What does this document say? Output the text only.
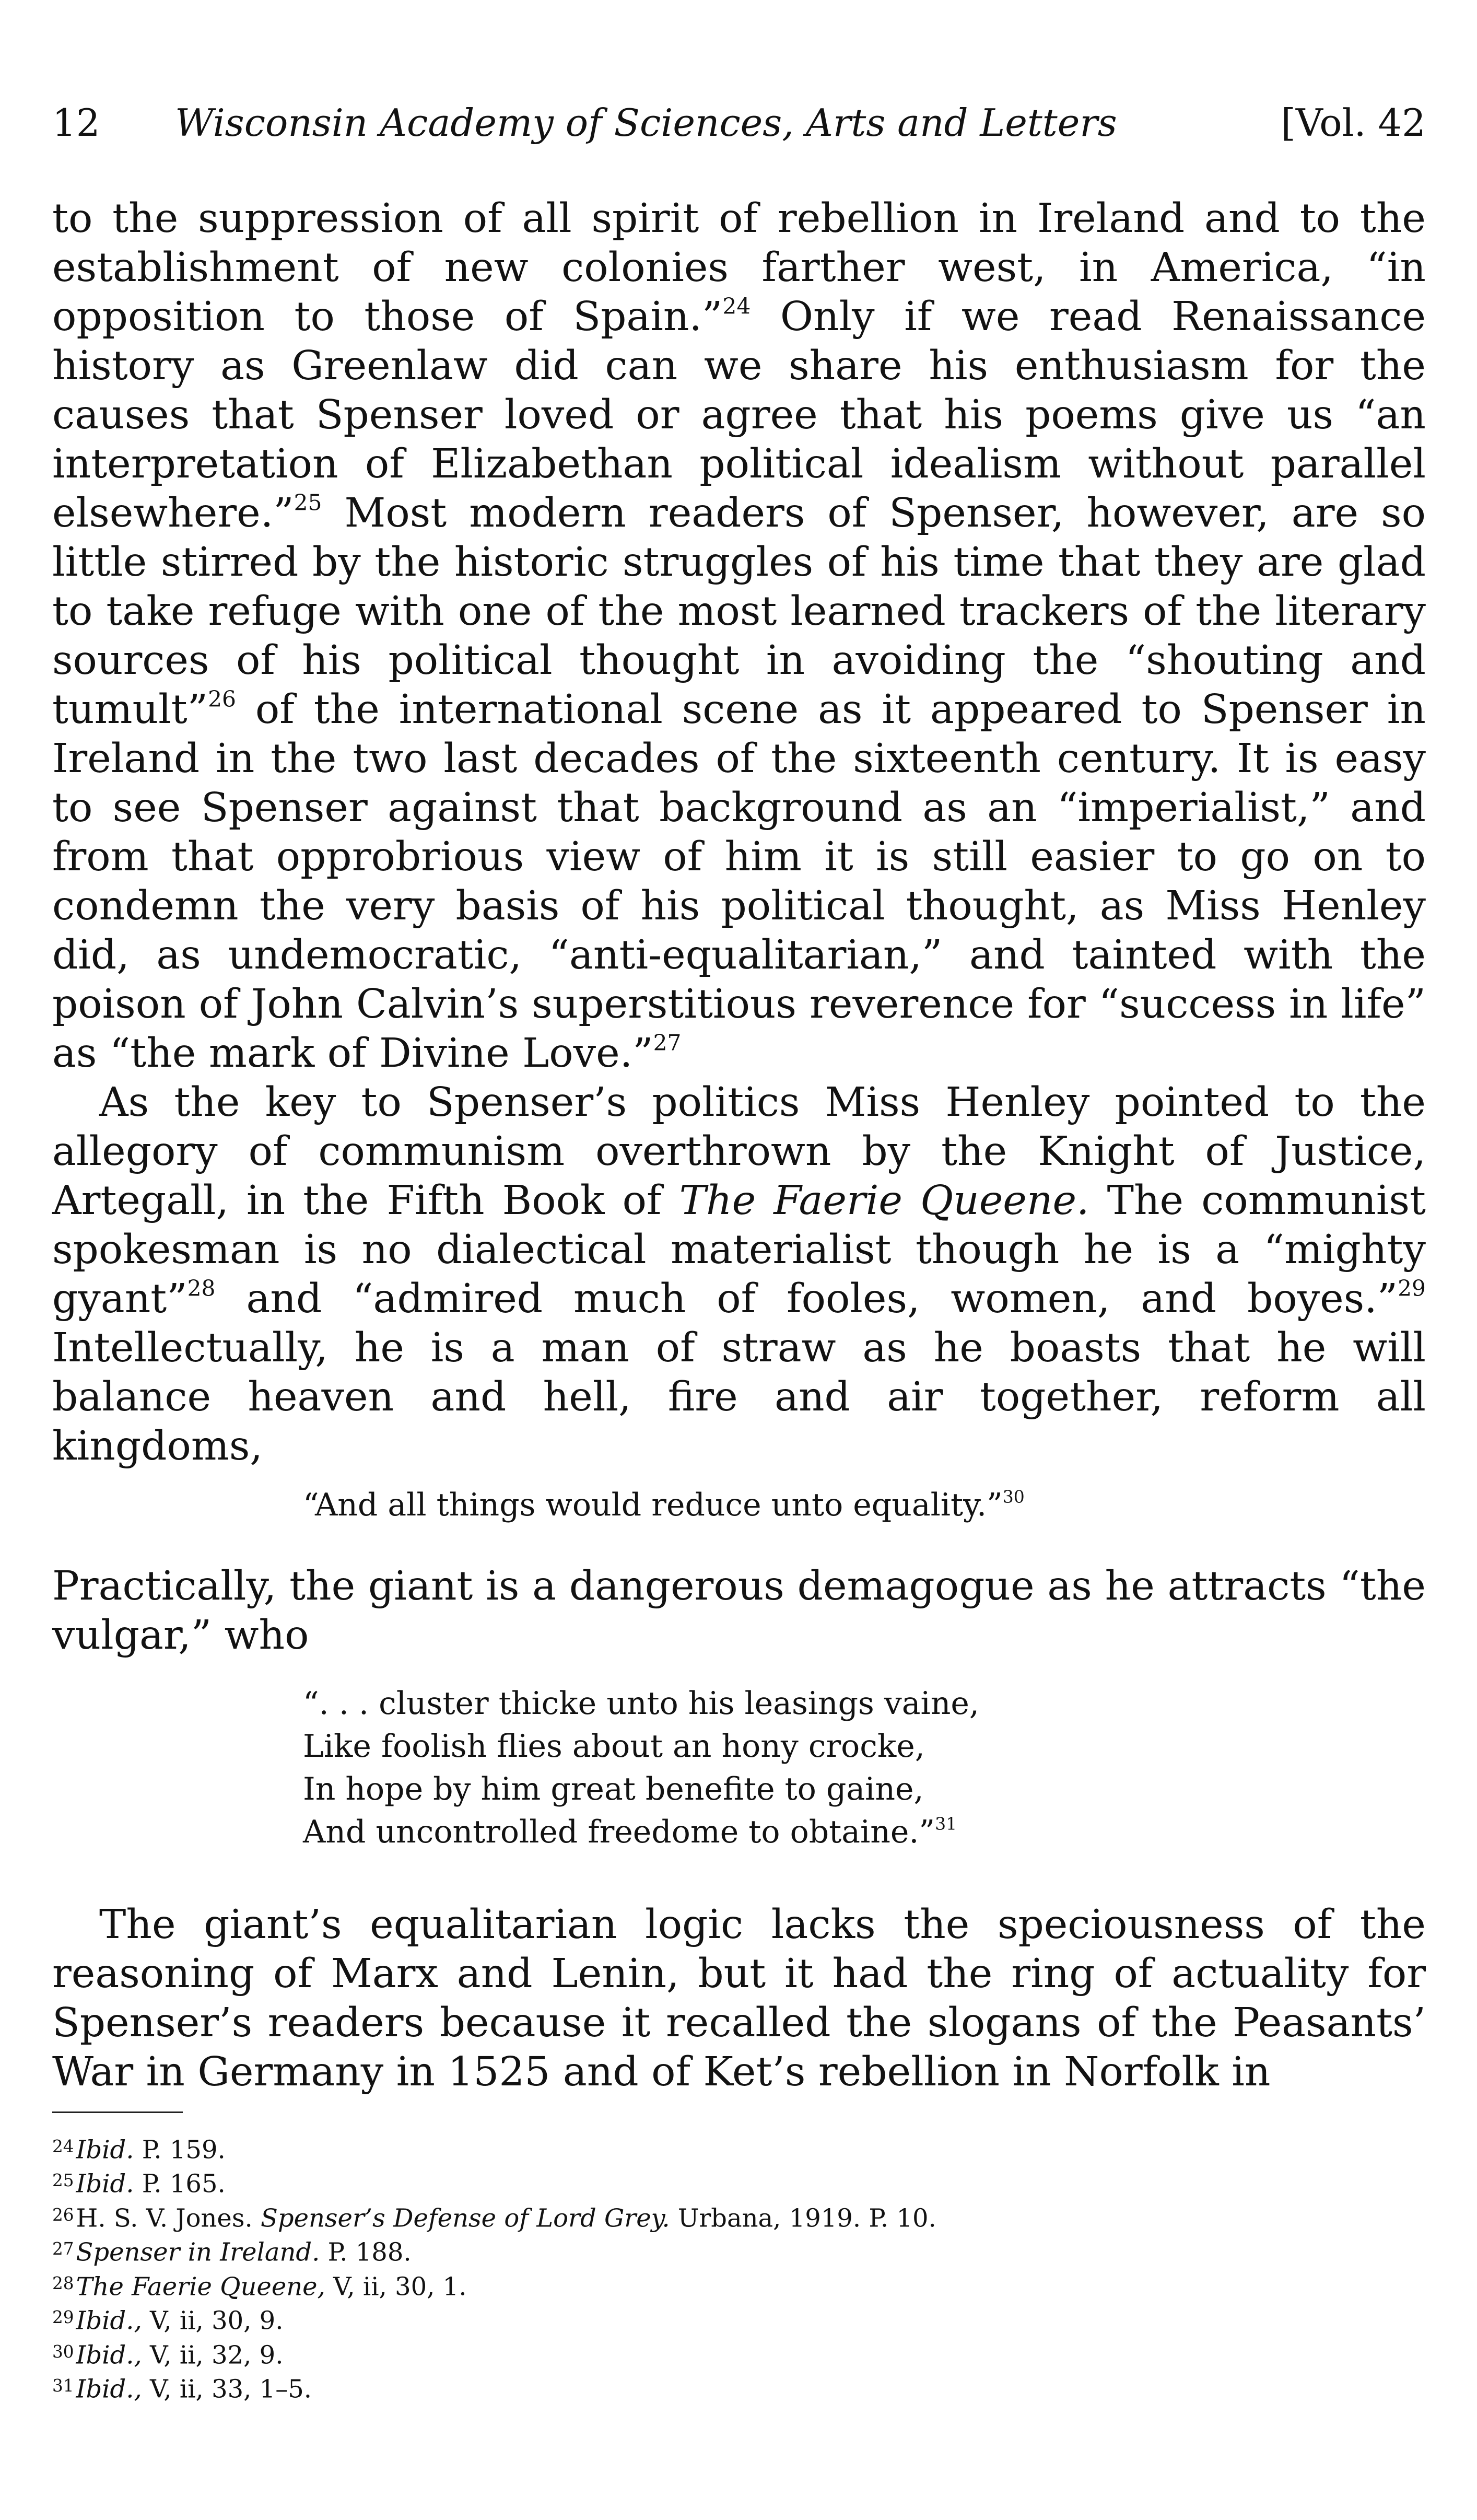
12 Wisconsin Academy of Sciences, Arts and Letters	[Vol. 42

to the suppression of all spirit of rebellion in Ireland and to the establishment of new colonies farther west, in America, “in opposition to those of Spain.”$^{24}$ Only if we read Renaissance history as Greenlaw did can we share his enthusiasm for the causes that Spenser loved or agree that his poems give us “an interpretation of Elizabethan political idealism without parallel elsewhere.”$^{25}$ Most modern readers of Spenser, however, are so little stirred by the historic struggles of his time that they are glad to take refuge with one of the most learned trackers of the literary sources of his political thought in avoiding the “shouting and tumult”$^{26}$ of the international scene as it appeared to Spenser in Ireland in the two last decades of the sixteenth century. It is easy to see Spenser against that background as an “imperialist,” and from that opprobrious view of him it is still easier to go on to condemn the very basis of his political thought, as Miss Henley did, as undemocratic, “anti-equalitarian,” and tainted with the poison of John Calvin’s superstitious reverence for “success in life” as “the mark of Divine Love.”$^{27}$

As the key to Spenser’s politics Miss Henley pointed to the allegory of communism overthrown by the Knight of Justice, Artegall, in the Fifth Book of The Faerie Queene. The communist spokesman is no dialectical materialist though he is a “mighty gyant”$^{28}$ and “admired much of fooles, women, and boyes.”$^{29}$ Intellectually, he is a man of straw as he boasts that he will balance heaven and hell, fire and air together, reform all kingdoms,

“And all things would reduce unto equality.”$^{30}$

Practically, the giant is a dangerous demagogue as he attracts “the vulgar,” who

“. . . cluster thicke unto his leasings vaine,
Like foolish flies about an hony crocke,
In hope by him great benefite to gaine,
And uncontrolled freedome to obtaine.”$^{31}$

The giant’s equalitarian logic lacks the speciousness of the reasoning of Marx and Lenin, but it had the ring of actuality for Spenser’s readers because it recalled the slogans of the Peasants’ War in Germany in 1525 and of Ket’s rebellion in Norfolk in

$^{24}$Ibid. P. 159.
$^{25}$Ibid. P. 165.
$^{26}$H. S. V. Jones. Spenser’s Defense of Lord Grey. Urbana, 1919. P. 10.
$^{27}$Spenser in Ireland. P. 188.
$^{28}$The Faerie Queene, V, ii, 30, 1.
$^{29}$Ibid., V, ii, 30, 9.
$^{30}$Ibid., V, ii, 32, 9.
$^{31}$Ibid., V, ii, 33, 1–5.
